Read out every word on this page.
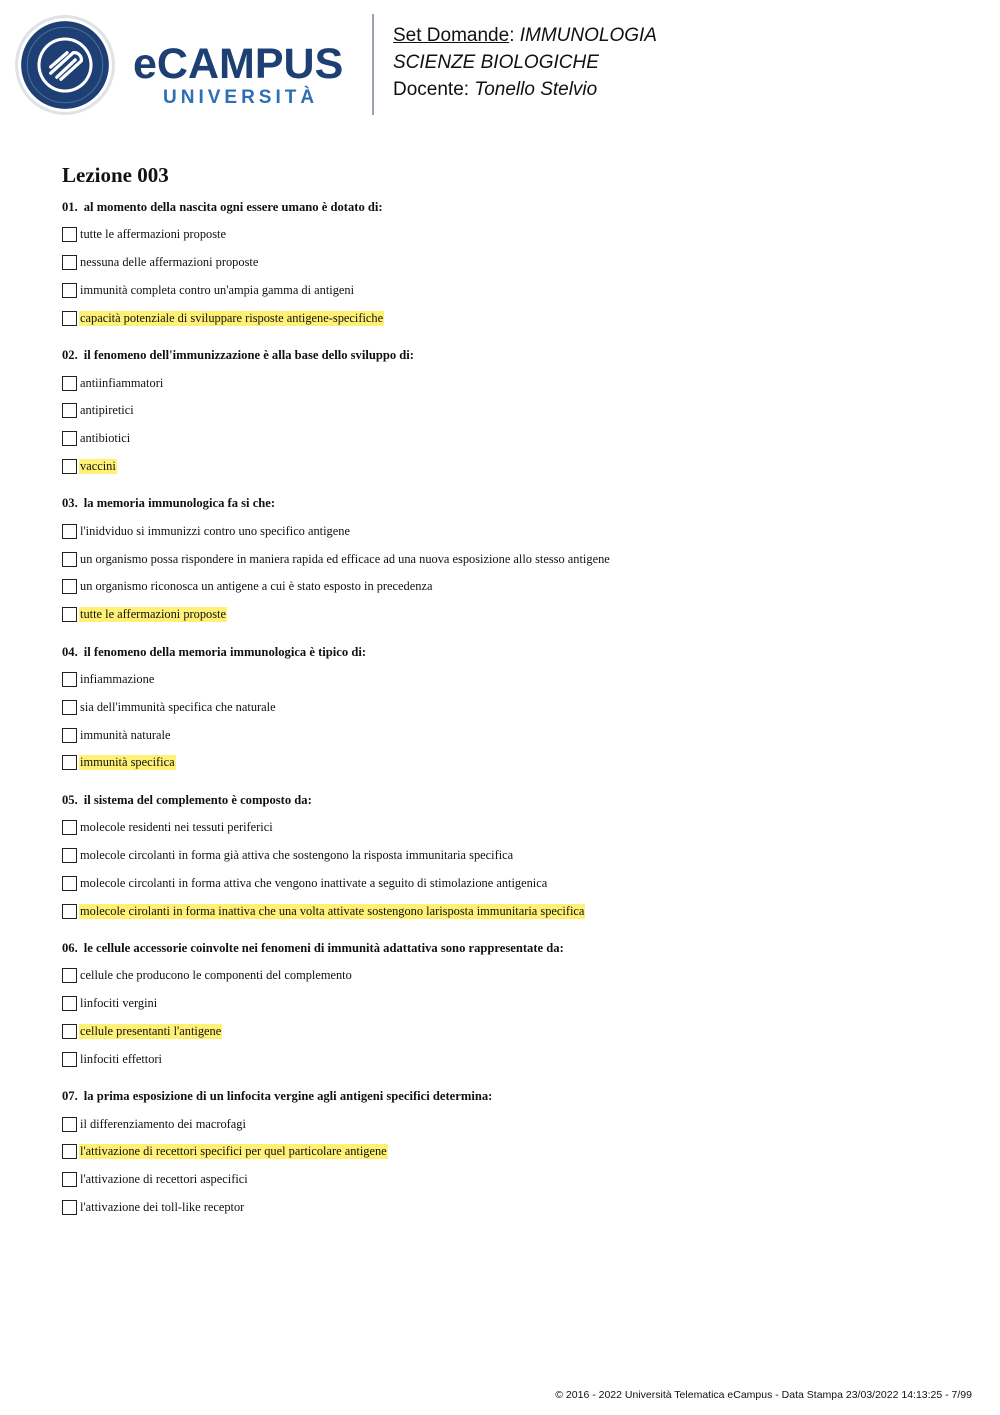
eCAMPUS
UNIVERSITÀ
Set Domande: IMMUNOLOGIA
SCIENZE BIOLOGICHE
Docente: Tonello Stelvio
Lezione 003
01. al momento della nascita ogni essere umano è dotato di:
tutte le affermazioni proposte
nessuna delle affermazioni proposte
immunità completa contro un'ampia gamma di antigeni
capacità potenziale di sviluppare risposte antigene-specifiche
02. il fenomeno dell'immunizzazione è alla base dello sviluppo di:
antiinfiammatori
antipiretici
antibiotici
vaccini
03. la memoria immunologica fa si che:
l'inidviduo si immunizzi contro uno specifico antigene
un organismo possa rispondere in maniera rapida ed efficace ad una nuova esposizione allo stesso antigene
un organismo riconosca un antigene a cui è stato esposto in precedenza
tutte le affermazioni proposte
04. il fenomeno della memoria immunologica è tipico di:
infiammazione
sia dell'immunità specifica che naturale
immunità naturale
immunità specifica
05. il sistema del complemento è composto da:
molecole residenti nei tessuti periferici
molecole circolanti in forma già attiva che sostengono la risposta immunitaria specifica
molecole circolanti in forma attiva che vengono inattivate a seguito di stimolazione antigenica
molecole cirolanti in forma inattiva che una volta attivate sostengono larisposta immunitaria specifica
06. le cellule accessorie coinvolte nei fenomeni di immunità adattativa sono rappresentate da:
cellule che producono le componenti del complemento
linfociti vergini
cellule presentanti l'antigene
linfociti effettori
07. la prima esposizione di un linfocita vergine agli antigeni specifici determina:
il differenziamento dei macrofagi
l'attivazione di recettori specifici per quel particolare antigene
l'attivazione di recettori aspecifici
l'attivazione dei toll-like receptor
© 2016 - 2022 Università Telematica eCampus - Data Stampa 23/03/2022 14:13:25 - 7/99
